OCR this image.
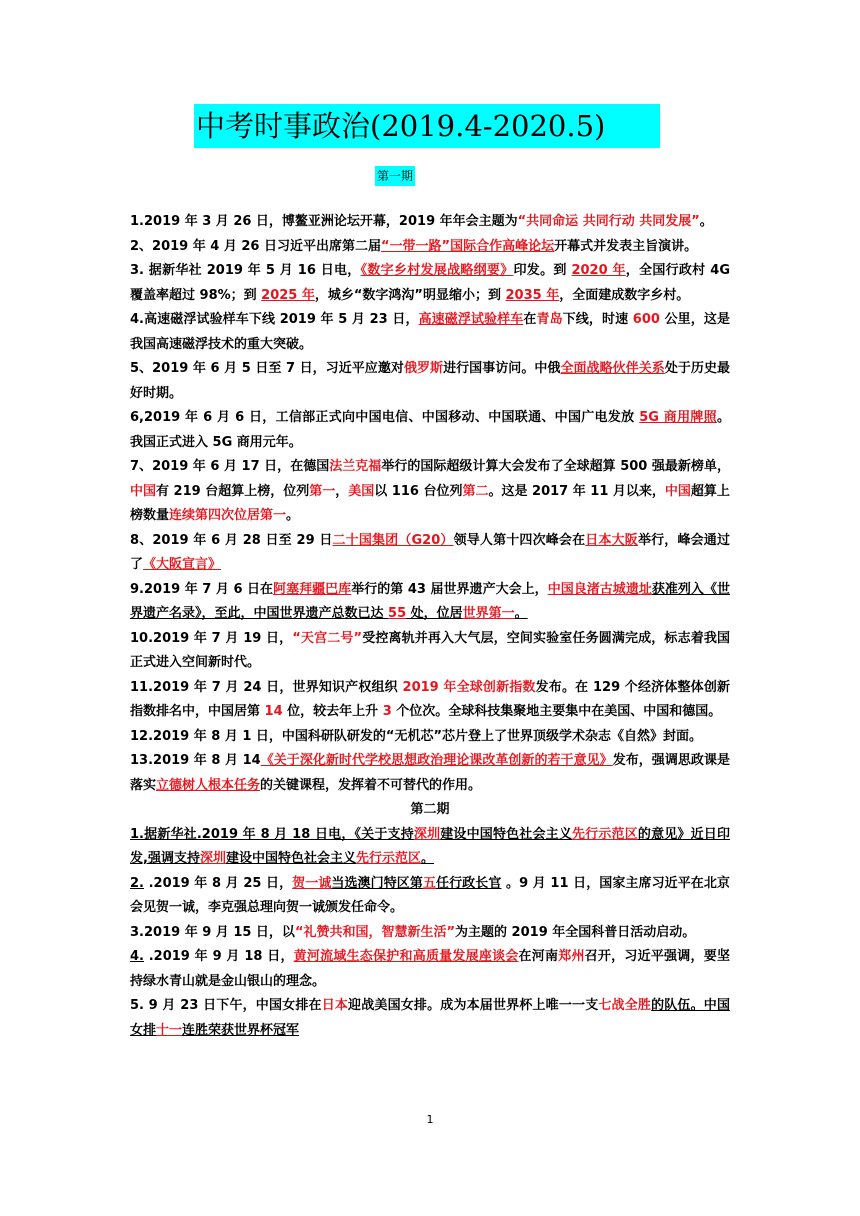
中考时事政治(2019.4-2020.5)
第一期

1.2019 年 3 月 26 日，博鳌亚洲论坛开幕，2019 年年会主题为“共同命运 共同行动 共同发展”。

2、2019 年 4 月 26 日习近平出席第二届“一带一路”国际合作高峰论坛开幕式并发表主旨演讲。

3. 据新华社 2019 年 5 月 16 日电，《数字乡村发展战略纲要》印发。到 2020 年，全国行政村 4G 覆盖率超过 98%；到 2025 年，城乡“数字鸿沟”明显缩小；到 2035 年，全面建成数字乡村。

4.高速磁浮试验样车下线 2019 年 5 月 23 日，高速磁浮试验样车在青岛下线，时速 600 公里，这是我国高速磁浮技术的重大突破。

5、2019 年 6 月 5 日至 7 日，习近平应邀对俄罗斯进行国事访问。中俄全面战略伙伴关系处于历史最好时期。

6,2019 年 6 月 6 日，工信部正式向中国电信、中国移动、中国联通、中国广电发放 5G 商用牌照。我国正式进入 5G 商用元年。

7、2019 年 6 月 17 日，在德国法兰克福举行的国际超级计算大会发布了全球超算 500 强最新榜单，中国有 219 台超算上榜，位列第一，美国以 116 台位列第二。这是 2017 年 11 月以来，中国超算上榜数量连续第四次位居第一。

8、2019 年 6 月 28 日至 29 日二十国集团（G20）领导人第十四次峰会在日本大阪举行，峰会通过了《大阪宣言》

9.2019 年 7 月 6 日在阿塞拜疆巴库举行的第 43 届世界遗产大会上，中国良渚古城遗址获准列入《世界遗产名录》，至此，中国世界遗产总数已达 55 处，位居世界第一。

10.2019 年 7 月 19 日，“天宫二号”受控离轨并再入大气层，空间实验室任务圆满完成，标志着我国正式进入空间新时代。

11.2019 年 7 月 24 日，世界知识产权组织 2019 年全球创新指数发布。在 129 个经济体整体创新指数排名中，中国居第 14 位，较去年上升 3 个位次。全球科技集聚地主要集中在美国、中国和德国。

12.2019 年 8 月 1 日，中国科研队研发的“无机芯”芯片登上了世界顶级学术杂志《自然》封面。

13.2019 年 8 月 14《关于深化新时代学校思想政治理论课改革创新的若干意见》发布，强调思政课是落实立德树人根本任务的关键课程，发挥着不可替代的作用。

第二期

1.据新华社.2019 年 8 月 18 日电，《关于支持深圳建设中国特色社会主义先行示范区的意见》近日印发,强调支持深圳建设中国特色社会主义先行示范区。

2. .2019 年 8 月 25 日，贺一诚当选澳门特区第五任行政长官 。9 月 11 日，国家主席习近平在北京会见贺一诚，李克强总理向贺一诚颁发任命令。

3.2019 年 9 月 15 日，以“礼赞共和国，智慧新生活”为主题的 2019 年全国科普日活动启动。

4. .2019 年 9 月 18 日，黄河流域生态保护和高质量发展座谈会在河南郑州召开，习近平强调，要坚持绿水青山就是金山银山的理念。

5. 9 月 23 日下午，中国女排在日本迎战美国女排。成为本届世界杯上唯一一支七战全胜的队伍。中国女排十一连胜荣获世界杯冠军

1
